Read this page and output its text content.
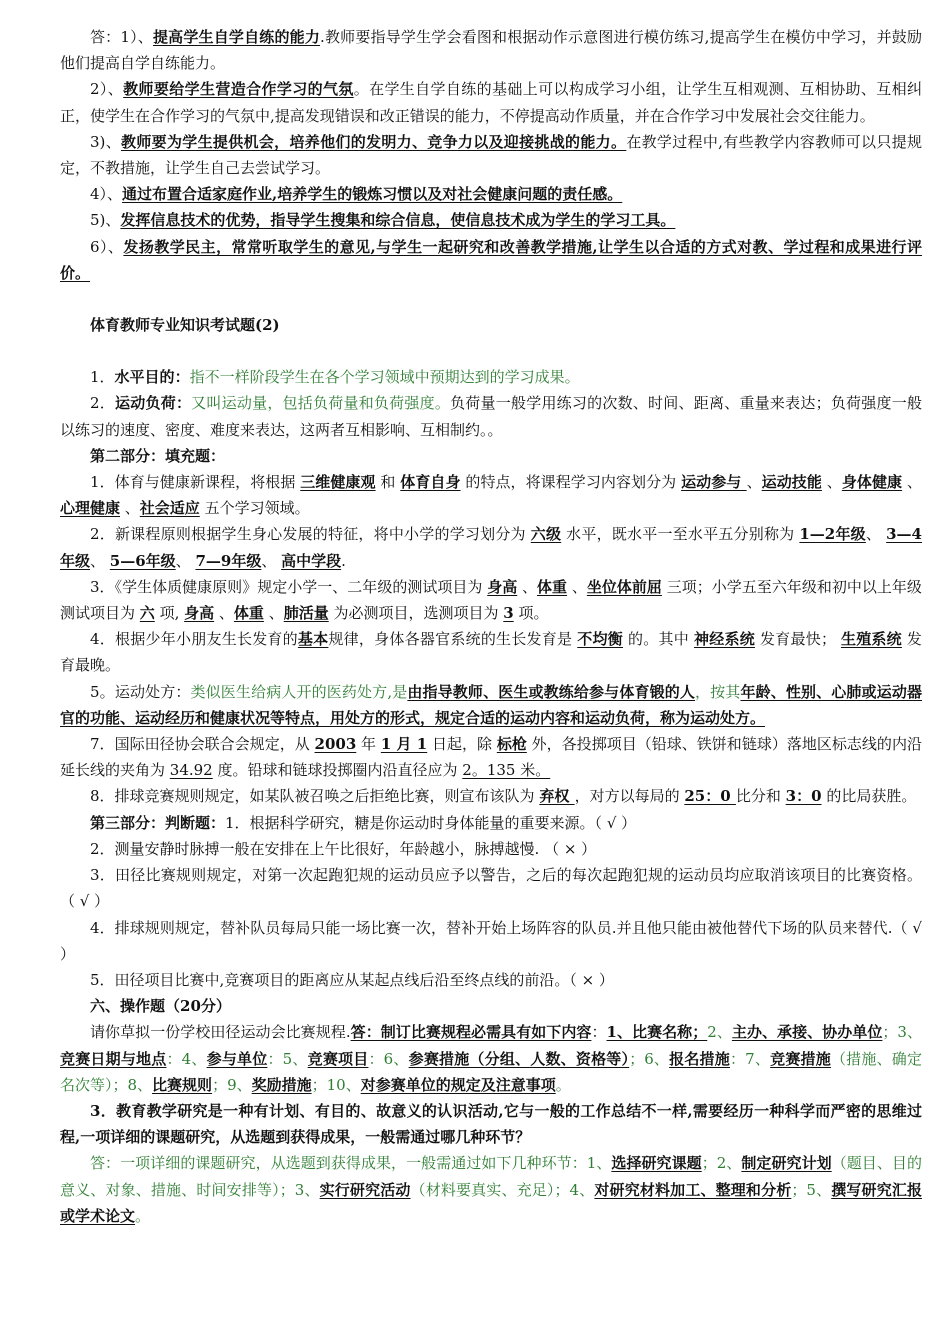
答：1）、提高学生自学自练的能力.教师要指导学生学会看图和根据动作示意图进行模仿练习,提高学生在模仿中学习，并鼓励他们提高自学自练能力。

2）、教师要给学生营造合作学习的气氛。在学生自学自练的基础上可以构成学习小组，让学生互相观测、互相协助、互相纠正，使学生在合作学习的气氛中,提高发现错误和改正错误的能力，不停提高动作质量，并在合作学习中发展社会交往能力。

3)、教师要为学生提供机会，培养他们的发明力、竞争力以及迎接挑战的能力。在教学过程中,有些教学内容教师可以只提规定，不教措施，让学生自己去尝试学习。

4）、通过布置合适家庭作业,培养学生的锻炼习惯以及对社会健康问题的责任感。

5)、发挥信息技术的优势，指导学生搜集和综合信息，使信息技术成为学生的学习工具。

6）、发扬教学民主，常常听取学生的意见,与学生一起研究和改善教学措施,让学生以合适的方式对教、学过程和成果进行评价。

体育教师专业知识考试题(2)

1．水平目的：指不一样阶段学生在各个学习领域中预期达到的学习成果。

2．运动负荷：又叫运动量，包括负荷量和负荷强度。负荷量一般学用练习的次数、时间、距离、重量来表达；负荷强度一般以练习的速度、密度、难度来表达，这两者互相影响、互相制约。。

第二部分：填充题：

1．体育与健康新课程，将根据 三维健康观 和 体育自身 的特点，将课程学习内容划分为 运动参与 、运动技能 、身体健康 、心理健康 、社会适应 五个学习领域。

2．新课程原则根据学生身心发展的特征，将中小学的学习划分为 六级 水平，既水平一至水平五分别称为 1—2年级、 3—4年级、 5—6年级、 7—9年级、 高中学段.

3．《学生体质健康原则》规定小学一、二年级的测试项目为 身高 、体重 、坐位体前屈 三项；小学五至六年级和初中以上年级测试项目为 六 项, 身高 、体重 、肺活量 为必测项目，选测项目为 3 项。

4．根据少年小朋友生长发育的基本规律，身体各器官系统的生长发育是 不均衡 的。其中 神经系统 发育最快； 生殖系统 发育最晚。

5。运动处方：类似医生给病人开的医药处方,是由指导教师、医生或教练给参与体育锻的人，按其年龄、性别、心肺或运动器官的功能、运动经历和健康状况等特点，用处方的形式，规定合适的运动内容和运动负荷，称为运动处方。

7．国际田径协会联合会规定，从 2003 年 1 月 1 日起，除 标枪 外，各投掷项目（铅球、铁饼和链球）落地区标志线的内沿延长线的夹角为 34.92 度。铅球和链球投掷圈内沿直径应为 2。135 米。

8．排球竞赛规则规定，如某队被召唤之后拒绝比赛，则宣布该队为 弃权 ，对方以每局的 25：0 比分和 3：0 的比局获胜。

第三部分：判断题：1．根据科学研究，糖是你运动时身体能量的重要来源。（ √ ）

2．测量安静时脉搏一般在安排在上午比很好，年龄越小，脉搏越慢. （ × ）

3．田径比赛规则规定，对第一次起跑犯规的运动员应予以警告，之后的每次起跑犯规的运动员均应取消该项目的比赛资格。 （ √ ）

4．排球规则规定，替补队员每局只能一场比赛一次，替补开始上场阵容的队员.并且他只能由被他替代下场的队员来替代.（ √ ）

5．田径项目比赛中,竞赛项目的距离应从某起点线后沿至终点线的前沿。（ × ）

六、操作题（20分）

请你草拟一份学校田径运动会比赛规程.答：制订比赛规程必需具有如下内容：1、比赛名称；2、主办、承接、协办单位；3、竞赛日期与地点：4、参与单位：5、竞赛项目：6、参赛措施（分组、人数、资格等）；6、报名措施：7、竞赛措施（措施、确定名次等）；8、比赛规则；9、奖励措施；10、对参赛单位的规定及注意事项。

3．教育教学研究是一种有计划、有目的、故意义的认识活动,它与一般的工作总结不一样,需要经历一种科学而严密的思维过程,一项详细的课题研究，从选题到获得成果，一般需通过哪几种环节？

答：一项详细的课题研究，从选题到获得成果，一般需通过如下几种环节：1、选择研究课题；2、制定研究计划（题目、目的意义、对象、措施、时间安排等）；3、实行研究活动（材料要真实、充足）；4、对研究材料加工、整理和分析；5、撰写研究汇报或学术论文。
